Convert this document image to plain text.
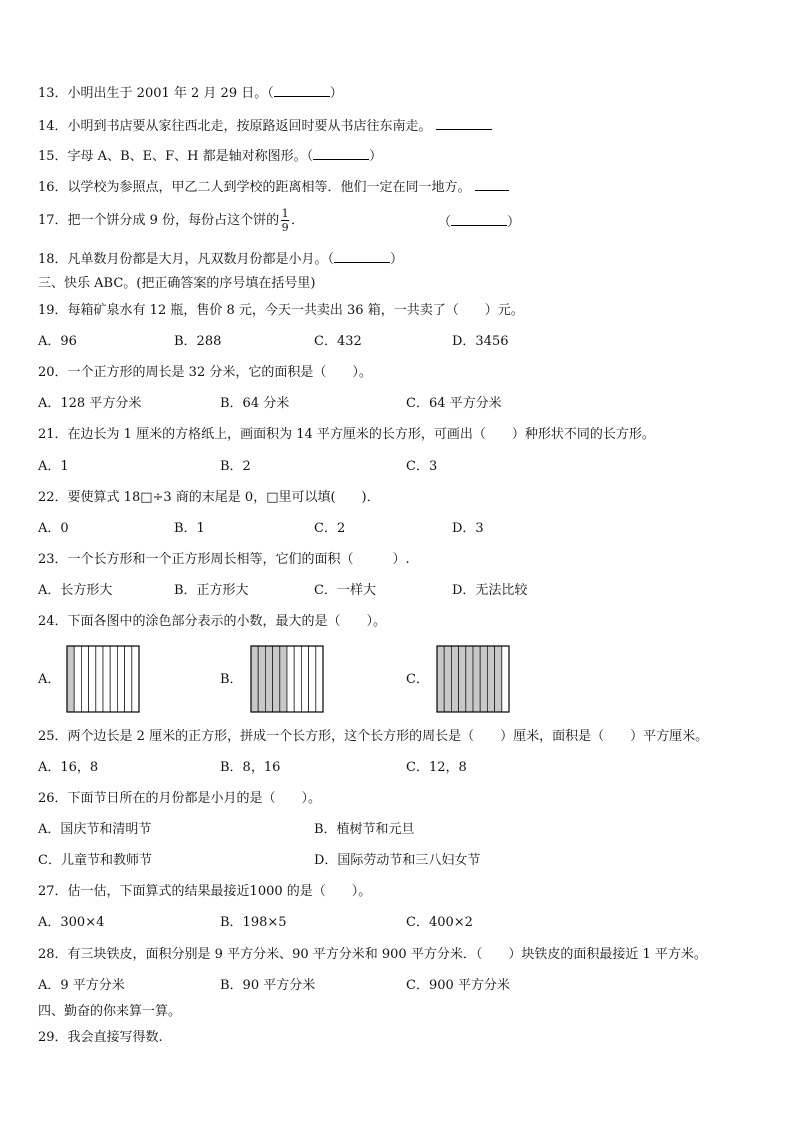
13．小明出生于 2001 年 2 月 29 日。（	）
14．小明到书店要从家往西北走，按原路返回时要从书店往东南走。
15．字母 A、B、E、F、H 都是轴对称图形。（	）
16．以学校为参照点，甲乙二人到学校的距离相等．他们一定在同一地方。
17．把一个饼分成 9 份，每份占这个饼的 $\frac{1}{9}$ ．	（	）
18．凡单数月份都是大月，凡双数月份都是小月。（	）
三、快乐 ABC。(把正确答案的序号填在括号里)
19．每箱矿泉水有 12 瓶，售价 8 元，今天一共卖出 36 箱，一共卖了（　　）元。
A．96	B．288	C．432	D．3456
20．一个正方形的周长是 32 分米，它的面积是（　　）。
A．128 平方分米	B．64 分米	C．64 平方分米
21．在边长为 1 厘米的方格纸上，画面积为 14 平方厘米的长方形，可画出（　　）种形状不同的长方形。
A．1	B．2	C．3
22．要使算式 18□÷3 商的末尾是 0，□里可以填(　　)．
A．0	B．1	C．2	D．3
23．一个长方形和一个正方形周长相等，它们的面积（　　　）.
A．长方形大	B．正方形大	C．一样大	D．无法比较
24．下面各图中的涂色部分表示的小数，最大的是（　　）。
A．	B．	C．
25．两个边长是 2 厘米的正方形，拼成一个长方形，这个长方形的周长是（　　）厘米，面积是（　　）平方厘米。
A．16，8	B．8，16	C．12，8
26．下面节日所在的月份都是小月的是（　　）。
A．国庆节和清明节	B．植树节和元旦
C．儿童节和教师节	D．国际劳动节和三八妇女节
27．估一估，下面算式的结果最接近1000 的是（　　）。
A．300×4	B．198×5	C．400×2
28．有三块铁皮，面积分别是 9 平方分米、90 平方分米和 900 平方分米．（　　）块铁皮的面积最接近 1 平方米。
A．9 平方分米	B．90 平方分米	C．900 平方分米
四、勤奋的你来算一算。
29．我会直接写得数.
